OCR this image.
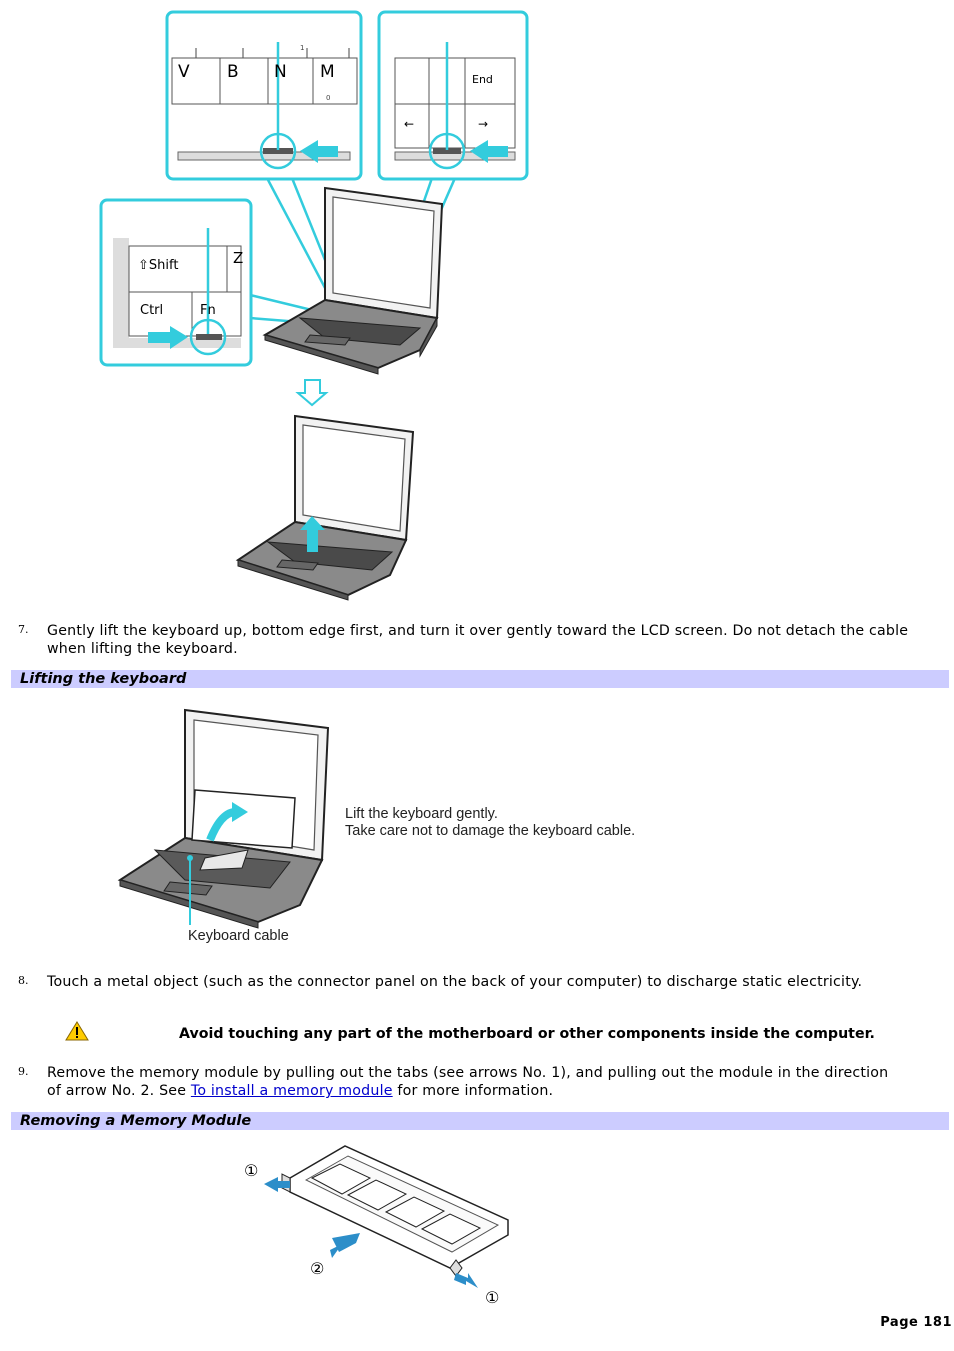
←	→
V B N M
0
1
End
⇧Shift	Z
Ctrl	Fn
7. Gently lift the keyboard up, bottom edge first, and turn it over gently toward the LCD screen. Do not detach the cable when lifting the keyboard.
Lifting the keyboard
Lift the keyboard gently.
Take care not to damage the keyboard cable.
Keyboard cable
8. Touch a metal object (such as the connector panel on the back of your computer) to discharge static electricity.
Avoid touching any part of the motherboard or other components inside the computer.
9. Remove the memory module by pulling out the tabs (see arrows No. 1), and pulling out the module in the direction of arrow No. 2. See To install a memory module for more information.
Removing a Memory Module
①
②
①
Page 181
